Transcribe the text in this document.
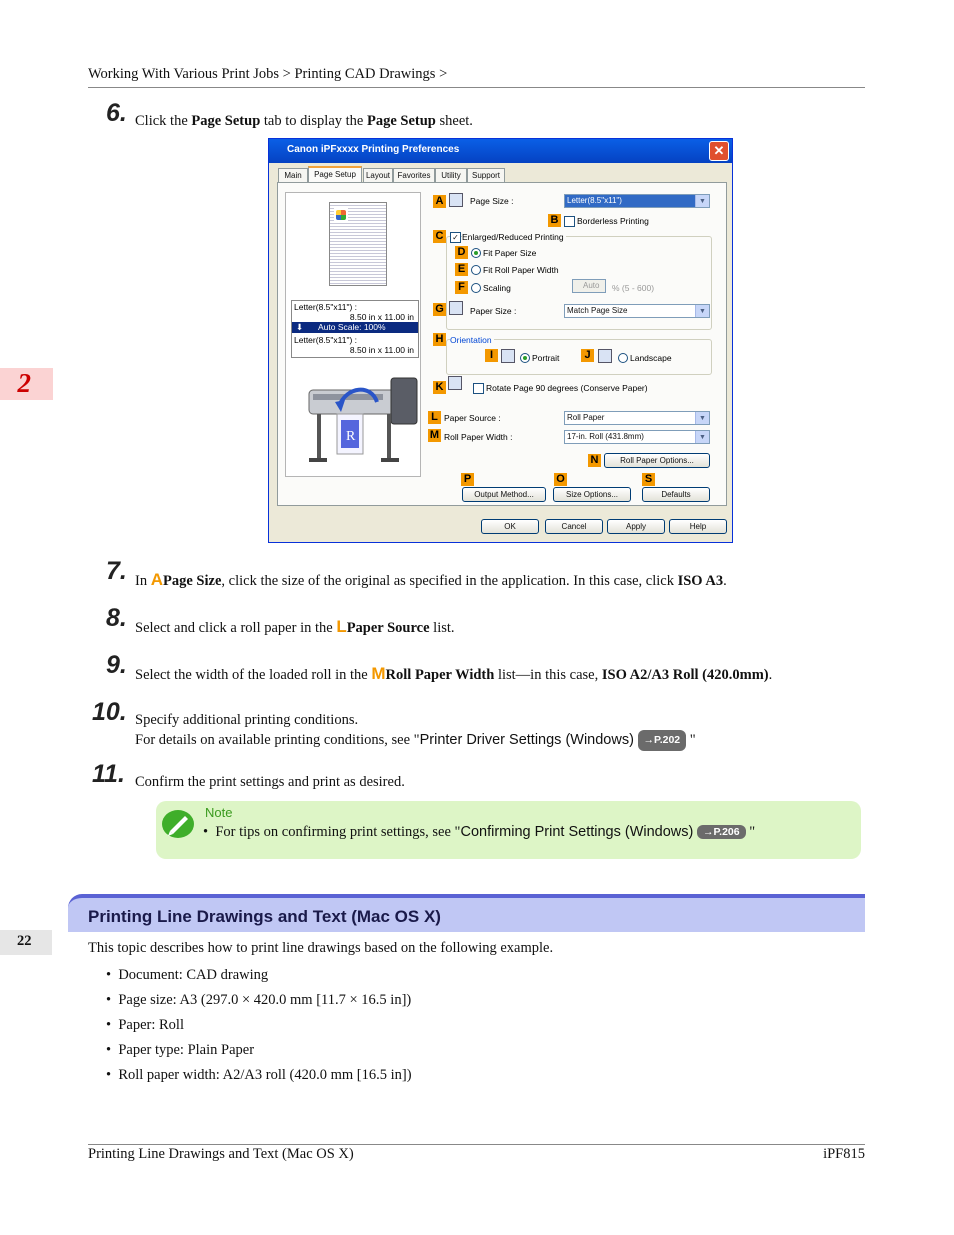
Working With Various Print Jobs > Printing CAD Drawings >
2
22
6. Click the Page Setup tab to display the Page Setup sheet.
Canon iPFxxxx Printing Preferences	✕
Main	Page Setup	Layout Favorites	Utility	Support
Letter(8.5"x11") :
8.50 in x 11.00 in
⬇ Auto Scale: 100%
Letter(8.5"x11") :
8.50 in x 11.00 in
R
A	Page Size :	Letter(8.5"x11")	▼
B Borderless Printing
C	✓ Enlarged/Reduced Printing
D Fit Paper Size
E	Fit Roll Paper Width
F	Scaling	Auto % (5 - 600)
G	Paper Size :	Match Page Size	▼
H Orientation
I	Portrait	J	Landscape
K	Rotate Page 90 degrees (Conserve Paper)
L Paper Source :	Roll Paper	▼
M Roll Paper Width :	17-in. Roll (431.8mm)	▼
N	Roll Paper Options...
P	O	S
Output Method...	Size Options...	Defaults
OK	Cancel	Apply	Help
7. In APage Size, click the size of the original as specified in the application. In this case, click ISO A3.
8. Select and click a roll paper in the LPaper Source list.
9. Select the width of the loaded roll in the MRoll Paper Width list—in this case, ISO A2/A3 Roll (420.0mm).
10. Specify additional printing conditions.
For details on available printing conditions, see "Printer Driver Settings (Windows) →P.202 "
11. Confirm the print settings and print as desired.
Note
• For tips on confirming print settings, see "Confirming Print Settings (Windows) →P.206 "
Printing Line Drawings and Text (Mac OS X)
This topic describes how to print line drawings based on the following example.
•  Document: CAD drawing
•  Page size: A3 (297.0 × 420.0 mm [11.7 × 16.5 in])
•  Paper: Roll
•  Paper type: Plain Paper
•  Roll paper width: A2/A3 roll (420.0 mm [16.5 in])
Printing Line Drawings and Text (Mac OS X)	iPF815
